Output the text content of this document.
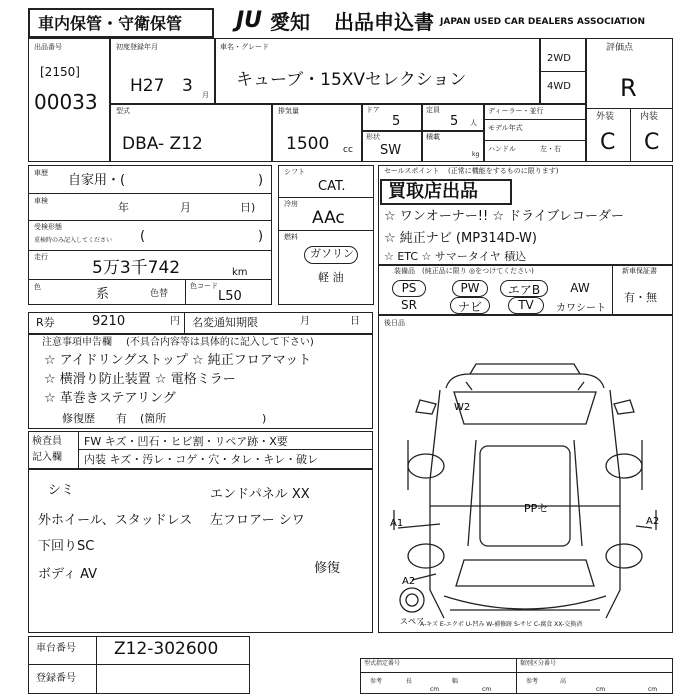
車内保管・守衛保管 JU 愛知 出品申込書 JAPAN USED CAR DEALERS ASSOCIATION
出品番号
[2150]
00033
初度登録年月
H27 3 月
車名・グレード
キューブ・15XVセレクション
2WD
4WD
評価点
R
外装	内装
C C
型式
DBA- Z12
排気量
1500 cc
ドア
5
定員
5 人
形状
SW
積載
kg
ディーラー・並行
モデル年式
ハンドル	左・右
車歴 自家用・(	)
車検	年	月	日)
受検形態
重検時のみ記入してください (	)
走行
5万3千742	km
色	系	色替
色コード
L50
シフト
CAT.
冷房
AAc
燃料
ガソリン
軽 油
セールスポイント (正常に機能をするものに限ります)
買取店出品
☆ ワンオーナー!! ☆ ドライブレコーダー
☆ 純正ナビ (MP314D-W)
☆ ETC ☆ サマータイヤ 積込
装備品 (純正品に限り ◎をつけてください)	新車保証書
有・無
PS	PW	エアB	AW
SR	ナビ	TV	カワシート
R券	9210	円 名変通知期限	月	日	後日品
注意事項申告欄 (不具合内容等は具体的に記入して下さい)
☆ アイドリングストップ ☆ 純正フロアマット
☆ 横滑り防止装置 ☆ 電格ミラー
☆ 革巻きステアリング
修復歴 有 (箇所	)
検査員
記入欄
FW キズ・凹石・ヒビ割・リペア跡・X要
内装 キズ・汚レ・コゲ・穴・タレ・キレ・破レ
シミ	エンドパネル XX
外ホイール、スタッドレス 左フロアー シワ
下回りSC
ボディ AV	修復
W2
PPセ
A1	A2
A2
スペア
A-キズ E-エクボ U-凹み W-補修跡 S-サビ C-腐食 XX-交換済
車台番号 Z12-302600
登録番号
型式指定番号	類別区分番号
参考	長
cm
幅
cm
参考	高
cm	cm
